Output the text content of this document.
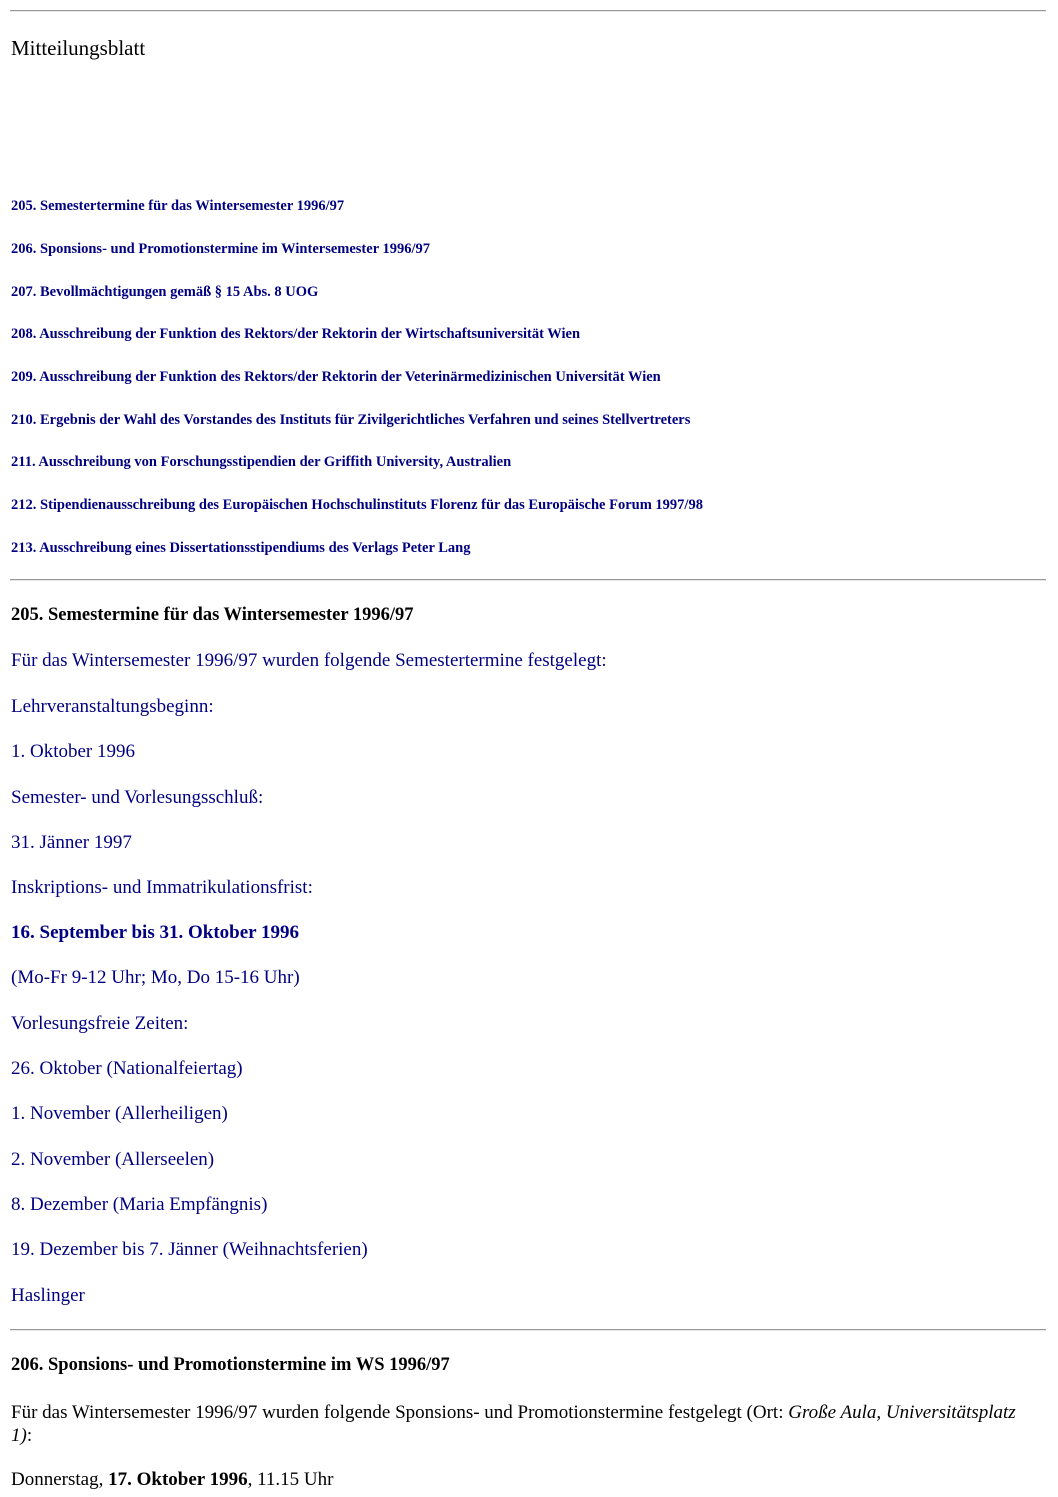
Mitteilungsblatt
205. Semestertermine für das Wintersemester 1996/97
206. Sponsions- und Promotionstermine im Wintersemester 1996/97
207. Bevollmächtigungen gemäß § 15 Abs. 8 UOG
208. Ausschreibung der Funktion des Rektors/der Rektorin der Wirtschaftsuniversität Wien
209. Ausschreibung der Funktion des Rektors/der Rektorin der Veterinärmedizinischen Universität Wien
210. Ergebnis der Wahl des Vorstandes des Instituts für Zivilgerichtliches Verfahren und seines Stellvertreters
211. Ausschreibung von Forschungsstipendien der Griffith University, Australien
212. Stipendienausschreibung des Europäischen Hochschulinstituts Florenz für das Europäische Forum 1997/98
213. Ausschreibung eines Dissertationsstipendiums des Verlags Peter Lang
205. Semestermine für das Wintersemester 1996/97
Für das Wintersemester 1996/97 wurden folgende Semestertermine festgelegt:
Lehrveranstaltungsbeginn:
1. Oktober 1996
Semester- und Vorlesungsschluß:
31. Jänner 1997
Inskriptions- und Immatrikulationsfrist:
16. September bis 31. Oktober 1996
(Mo-Fr 9-12 Uhr; Mo, Do 15-16 Uhr)
Vorlesungsfreie Zeiten:
26. Oktober (Nationalfeiertag)
1. November (Allerheiligen)
2. November (Allerseelen)
8. Dezember (Maria Empfängnis)
19. Dezember bis 7. Jänner (Weihnachtsferien)
Haslinger
206. Sponsions- und Promotionstermine im WS 1996/97
Für das Wintersemester 1996/97 wurden folgende Sponsions- und Promotionstermine festgelegt (Ort: Große Aula, Universitätsplatz 1):
Donnerstag, 17. Oktober 1996, 11.15 Uhr
